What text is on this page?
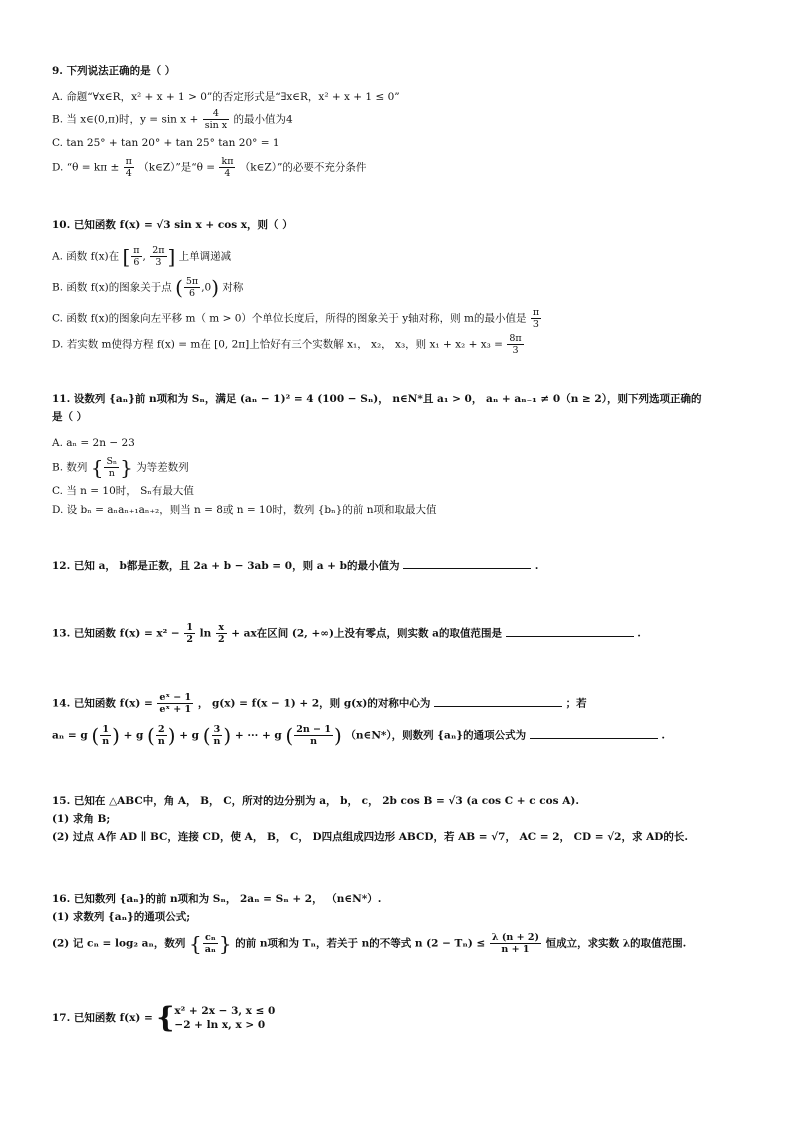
9. 下列说法正确的是（ ）
A. 命题“∀x∈R，x² + x + 1 > 0”的否定形式是“∃x∈R，x² + x + 1 ≤ 0”
B. 当 x∈(0,π)时，$y = \sin x + \frac{4}{\text{sin x}}$ 的最小值为4
C. tan 25° + tan 20° + tan 25° tan 20° = 1
D. “$\theta = k\pi \pm \frac{\pi}{4}$ （k∈Z）”是“$\theta = \frac{k\pi}{4}$ （k∈Z）”的必要不充分条件
10. 已知函数 f(x) = √3 sin x + cos x，则（ ）
A. 函数 f(x)在 [ $\frac{\pi}{6}$ , $\frac{2\pi}{3}$ ] 上单调递减
B. 函数 f(x)的图象关于点 ( $\frac{5\pi}{6} ,0$) 对称
C. 函数 f(x)的图象向左平移 m（ m > 0）个单位长度后，所得的图象关于 y轴对称，则 m的最小值是 $\frac{\pi}{3}$
D. 若实数 m使得方程 f(x) = m在 [0, 2π]上恰好有三个实数解 x₁， x₂， x₃，则 $x_1 + x_2 + x_3 = \frac{8\pi}{3}$
11. 设数列 {aₙ}前 n项和为 Sₙ，满足 (aₙ − 1)² = 4 (100 − Sₙ)， n∈N*且 a₁ > 0， aₙ + aₙ₋₁ ≠ 0（n ≥ 2），则下列选项正确的
是（ ）
A. aₙ = 2n − 23
B. 数列 { $\frac{\text{Sₙ}}{n}$ } 为等差数列
C. 当 n = 10时， Sₙ有最大值
D. 设 bₙ = aₙaₙ₊₁aₙ₊₂，则当 n = 8或 n = 10时，数列 {bₙ}的前 n项和取最大值
12. 已知 a， b都是正数，且 2a + b − 3ab = 0，则 a + b的最小值为	.
13. 已知函数 $f(x) = x^2 - \frac{1}{2}$ $\ln \frac{x}{2}$ + ax在区间 (2, +∞)上没有零点，则实数 a的取值范围是	.
14. 已知函数 $f(x) = \frac{\text{eˣ − 1}}{\text{eˣ + 1}}$ ， g(x) = f(x − 1) + 2，则 g(x)的对称中心为	；若
aₙ = g ( $\frac{1}{n}$ ) + g ( $\frac{2}{n}$ ) + g ( $\frac{3}{n}$ ) + ··· + g ( $\frac{2n - 1}{n}$ ) （n∈N*），则数列 {aₙ}的通项公式为	.
15. 已知在 △ABC中，角 A， B， C，所对的边分别为 a， b， c， 2b cos B = √3 (a cos C + c cos A).
(1) 求角 B;
(2) 过点 A作 AD ∥ BC，连接 CD，使 A， B， C， D四点组成四边形 ABCD，若 AB = √7， AC = 2， CD = √2，求 AD的长.
16. 已知数列 {aₙ}的前 n项和为 Sₙ， 2aₙ = Sₙ + 2， （n∈N*）.
(1) 求数列 {aₙ}的通项公式;
(2) 记 cₙ = log₂ aₙ，数列 { $\frac{\text{cₙ}}{\text{aₙ}}$ } 的前 n项和为 Tₙ，若关于 n的不等式 n $(2 - T_n) \le \frac{\lambda (n + 2)}{n + 1}$ 恒成立，求实数 λ的取值范围.
17. 已知函数 f(x) = { x² + 2x − 3, x ≤ 0
−2 + ln x, x > 0
